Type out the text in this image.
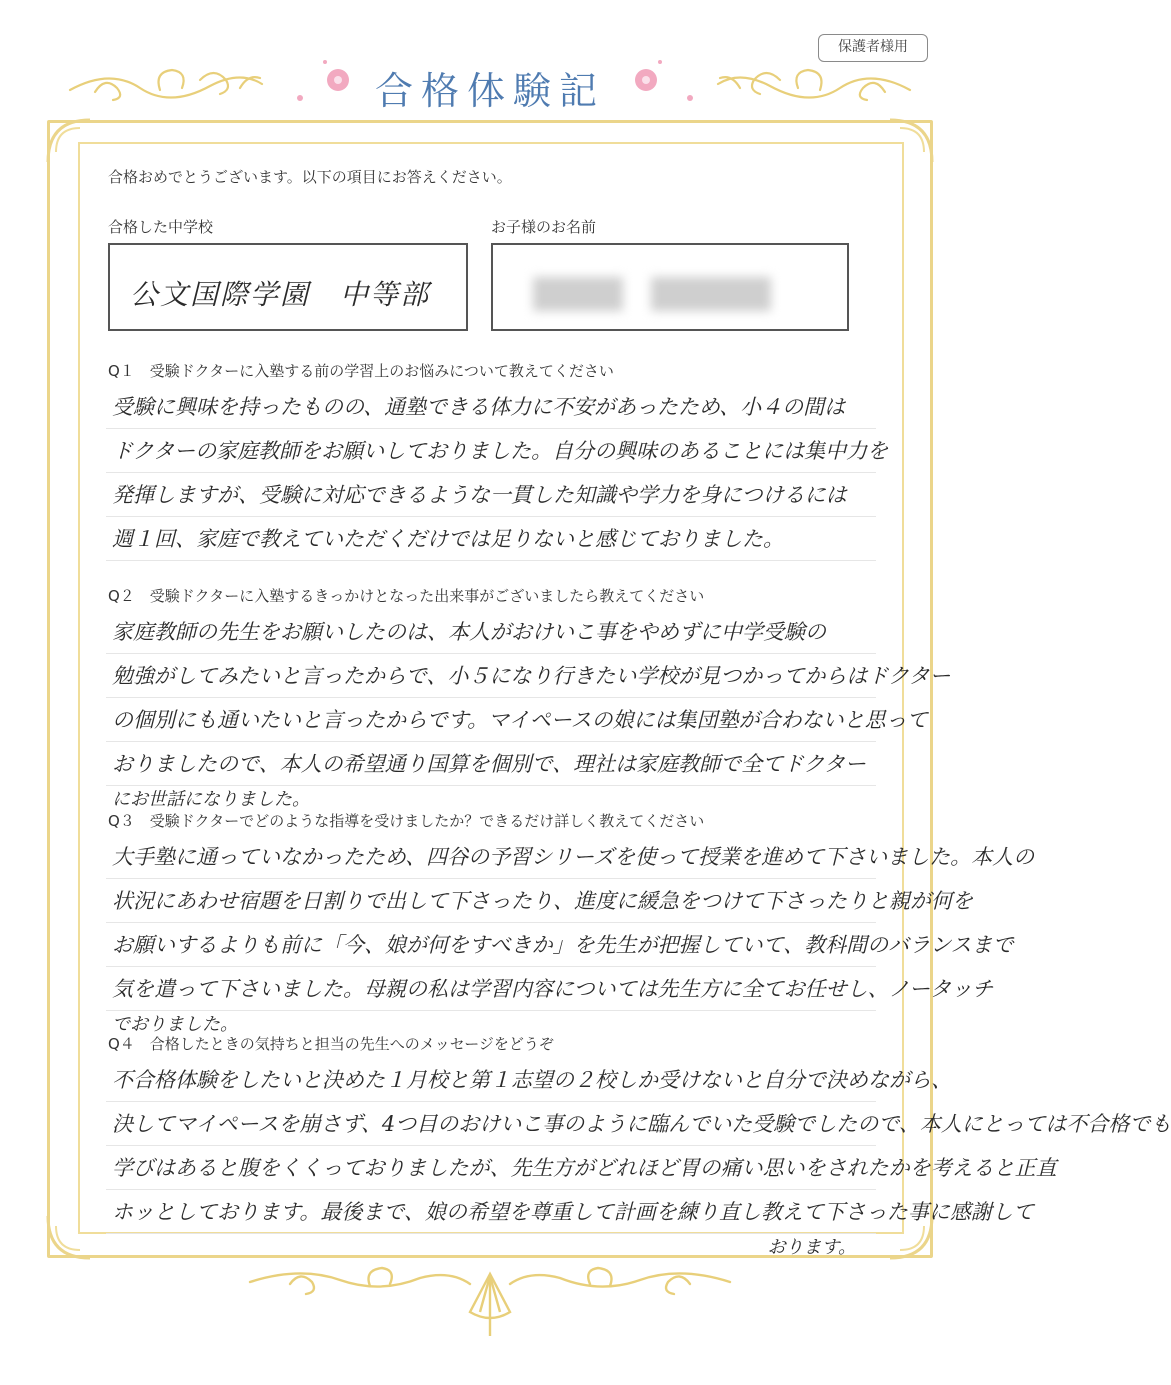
保護者様用
合格体験記
合格おめでとうございます。以下の項目にお答えください。
合格した中学校
公文国際学園　中等部
お子様のお名前
Q１　受験ドクターに入塾する前の学習上のお悩みについて教えてください
受験に興味を持ったものの、通塾できる体力に不安があったため、小４の間は
ドクターの家庭教師をお願いしておりました。自分の興味のあることには集中力を
発揮しますが、受験に対応できるような一貫した知識や学力を身につけるには
週１回、家庭で教えていただくだけでは足りないと感じておりました。
Q２　受験ドクターに入塾するきっかけとなった出来事がございましたら教えてください
家庭教師の先生をお願いしたのは、本人がおけいこ事をやめずに中学受験の
勉強がしてみたいと言ったからで、小５になり行きたい学校が見つかってからはドクター
の個別にも通いたいと言ったからです。マイペースの娘には集団塾が合わないと思って
おりましたので、本人の希望通り国算を個別で、理社は家庭教師で全てドクター
にお世話になりました。
Q３　受験ドクターでどのような指導を受けましたか？できるだけ詳しく教えてください
大手塾に通っていなかったため、四谷の予習シリーズを使って授業を進めて下さいました。本人の
状況にあわせ宿題を日割りで出して下さったり、進度に緩急をつけて下さったりと親が何を
お願いするよりも前に「今、娘が何をすべきか」を先生が把握していて、教科間のバランスまで
気を遣って下さいました。母親の私は学習内容については先生方に全てお任せし、ノータッチ
でおりました。
Q４　合格したときの気持ちと担当の先生へのメッセージをどうぞ
不合格体験をしたいと決めた１月校と第１志望の２校しか受けないと自分で決めながら、
決してマイペースを崩さず、4つ目のおけいこ事のように臨んでいた受験でしたので、本人にとっては不合格でも
学びはあると腹をくくっておりましたが、先生方がどれほど胃の痛い思いをされたかを考えると正直
ホッとしております。最後まで、娘の希望を尊重して計画を練り直し教えて下さった事に感謝して
おります。
